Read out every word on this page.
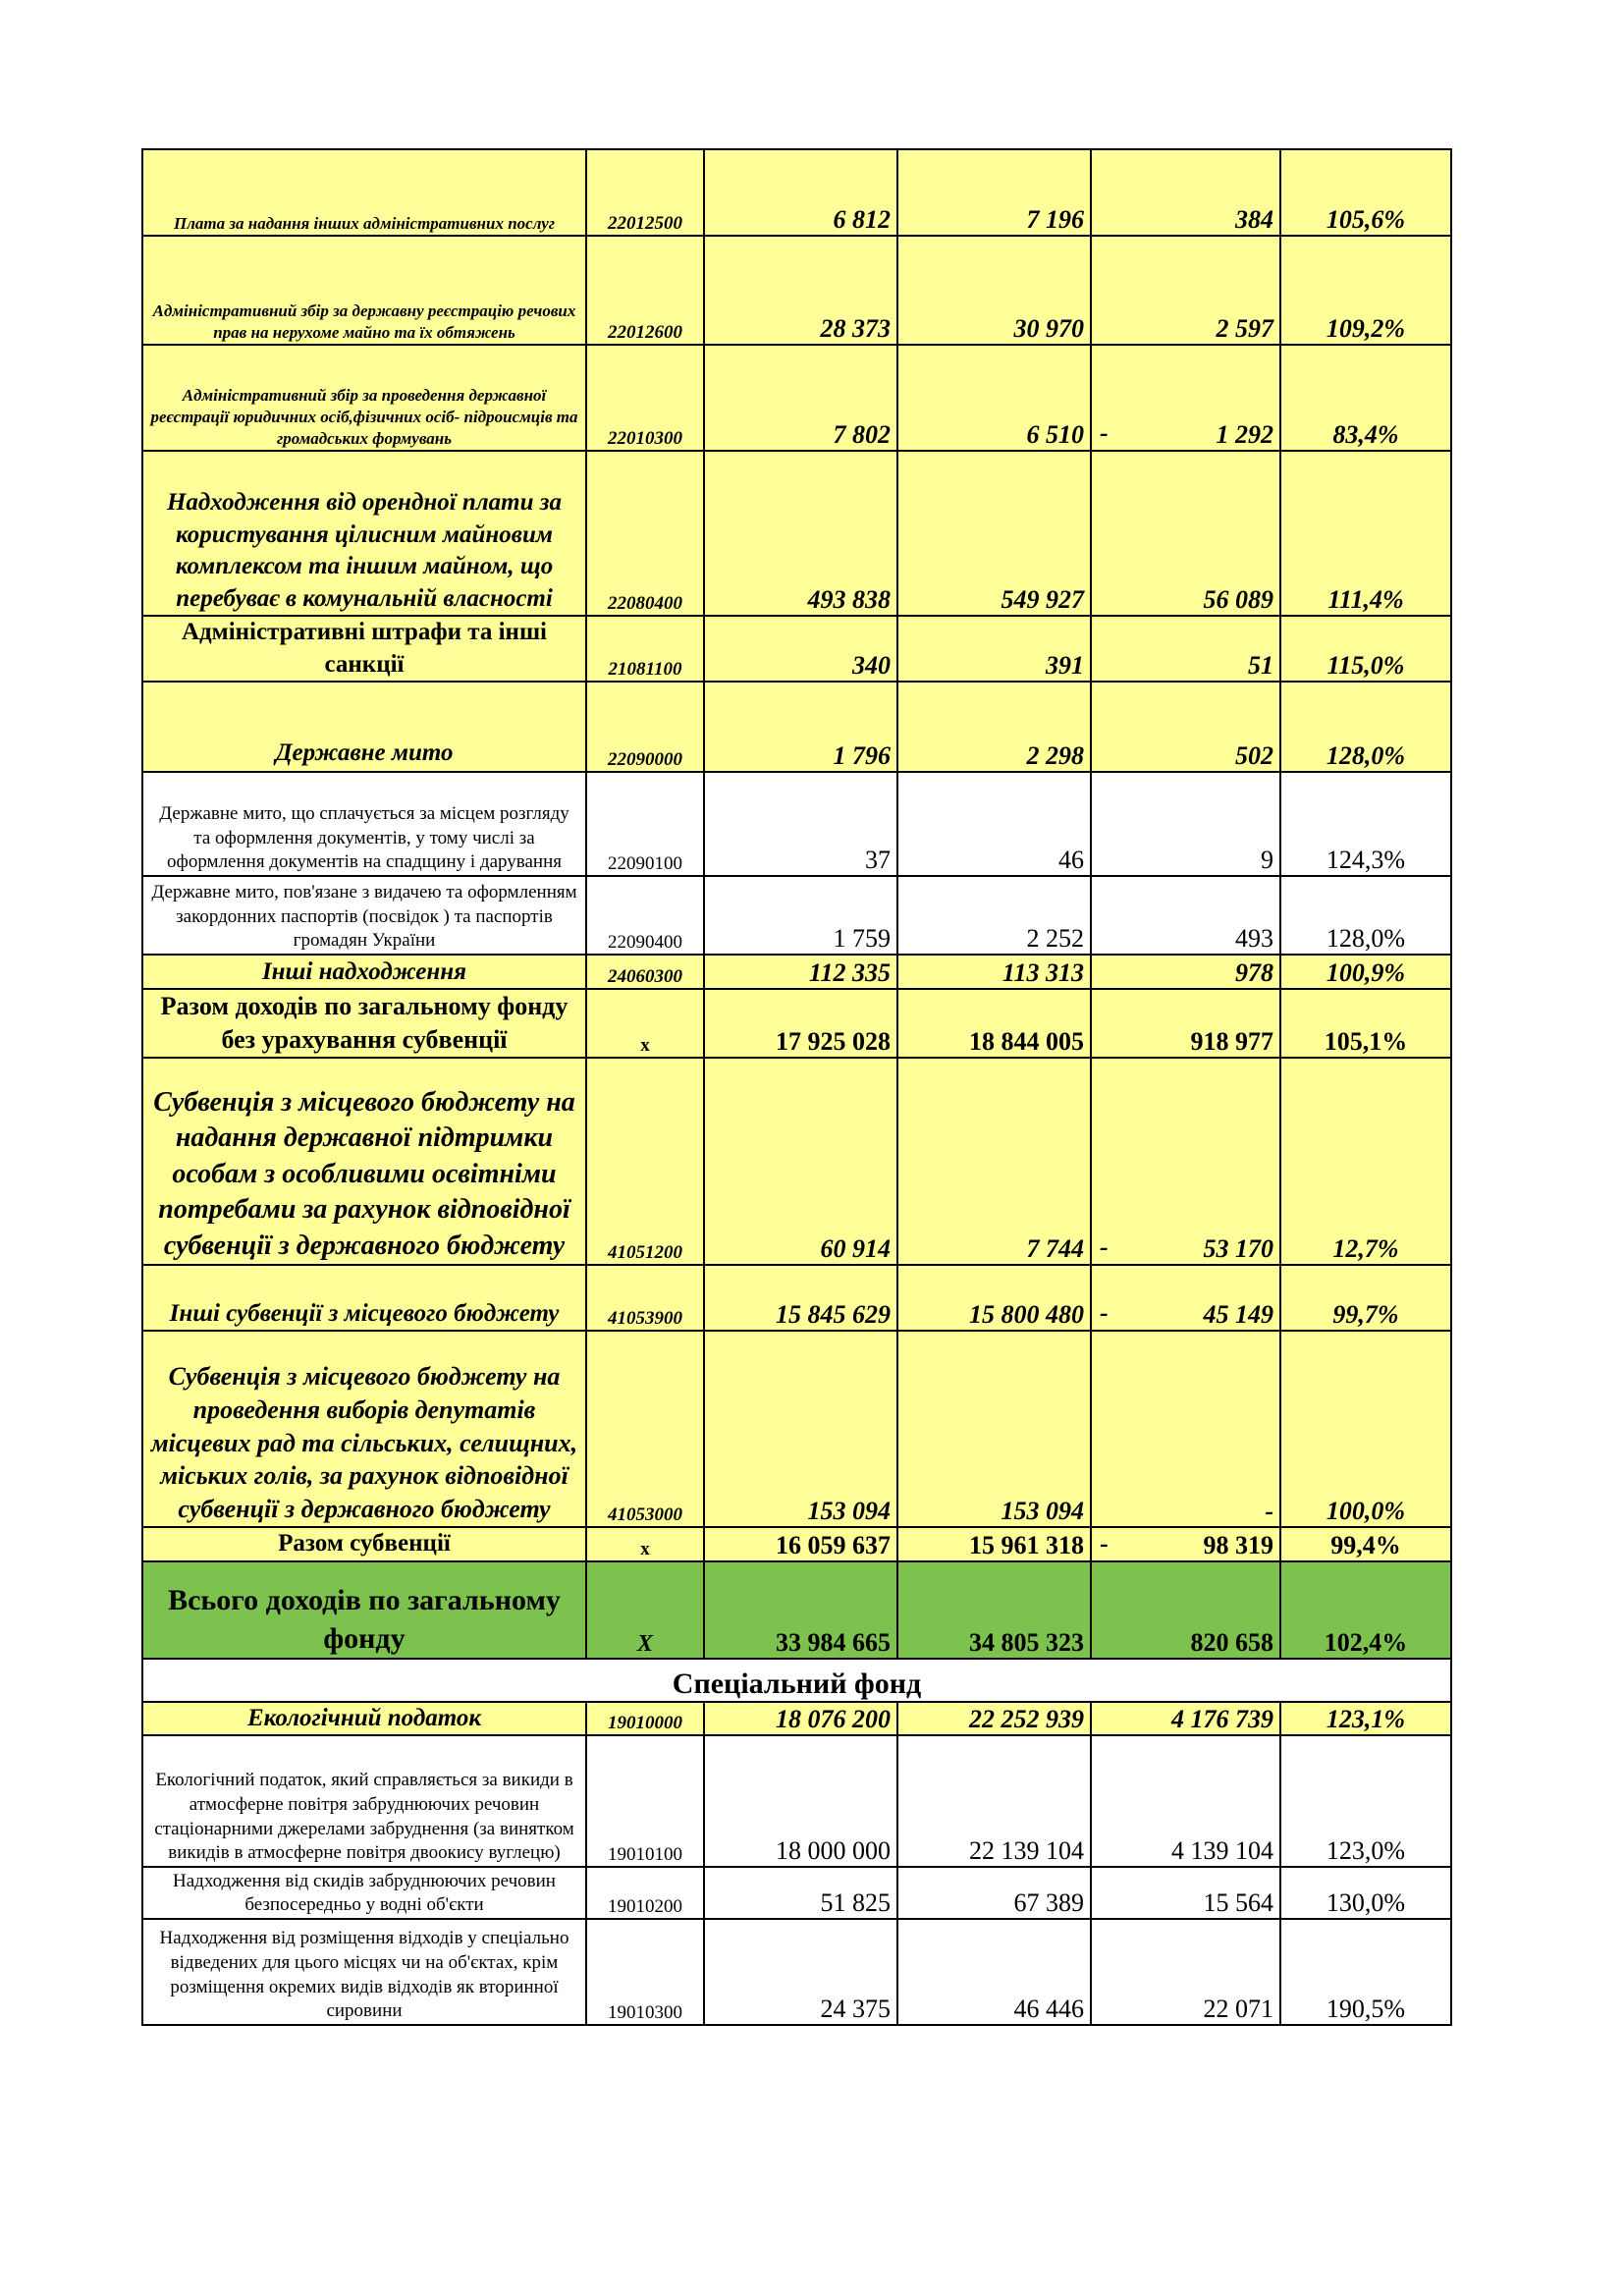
Плата за надання інших адміністративних послуг	22012500	6 812	7 196	384	105,6%
Адміністративний збір за державну реєстрацію речових прав на нерухоме майно та їх обтяжень	22012600	28 373	30 970	2 597	109,2%
Адміністративний збір за проведення державної реєстрації юридичних осіб,фізичних осіб- підроисмців та громадських формувань	22010300	7 802	6 510	- 1 292	83,4%
Надходження від орендної плати за користування цілисним майновим комплексом та іншим майном, що перебуває в комунальній власності	22080400	493 838	549 927	56 089	111,4%
Адміністративні штрафи та інші санкції	21081100	340	391	51	115,0%
Державне мито	22090000	1 796	2 298	502	128,0%
Державне мито, що сплачується за місцем розгляду та оформлення документів, у тому числі за оформлення документів на спадщину і дарування	22090100	37	46	9	124,3%
Державне мито, пов'язане з видачею та оформленням закордонних паспортів (посвідок ) та паспортів громадян України	22090400	1 759	2 252	493	128,0%
Інші надходження	24060300	112 335	113 313	978	100,9%
Разом доходів по загальному фонду без урахування субвенції	х	17 925 028	18 844 005	918 977	105,1%
Субвенція з місцевого бюджету на надання державної підтримки особам з особливими освітніми потребами за рахунок відповідної субвенції з державного бюджету	41051200	60 914	7 744	- 53 170	12,7%
Інші субвенції з місцевого бюджету	41053900	15 845 629	15 800 480	- 45 149	99,7%
Субвенція з місцевого бюджету на проведення виборів депутатів місцевих рад та сільських, селищних, міських голів, за рахунок відповідної субвенції з державного бюджету	41053000	153 094	153 094	-	100,0%
Разом субвенції	х	16 059 637	15 961 318	- 98 319	99,4%
Всього доходів по загальному фонду	Х	33 984 665	34 805 323	820 658	102,4%
Спеціальний фонд					
Екологічний податок	19010000	18 076 200	22 252 939	4 176 739	123,1%
Екологічний податок, який справляється за викиди в атмосферне повітря забруднюючих речовин стаціонарними джерелами забруднення (за винятком викидів в атмосферне повітря двоокису вуглецю)	19010100	18 000 000	22 139 104	4 139 104	123,0%
Надходження від скидів забруднюючих речовин безпосередньо у водні об'єкти	19010200	51 825	67 389	15 564	130,0%
Надходження від розміщення відходів у спеціально відведених для цього місцях чи на об'єктах, крім розміщення окремих видів відходів як вторинної сировини	19010300	24 375	46 446	22 071	190,5%
